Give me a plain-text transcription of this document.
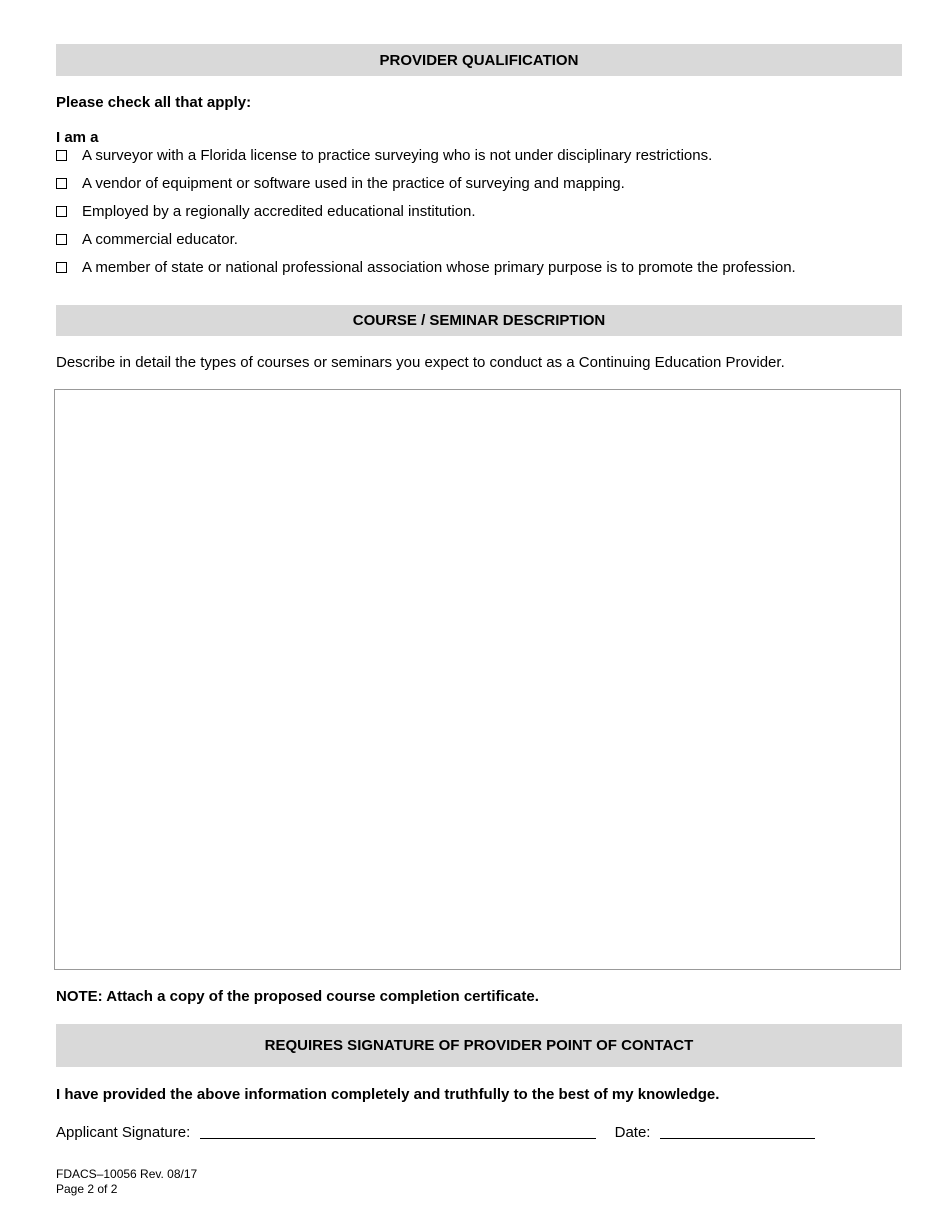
PROVIDER QUALIFICATION
Please check all that apply:
I am a
A surveyor with a Florida license to practice surveying who is not under disciplinary restrictions.
A vendor of equipment or software used in the practice of surveying and mapping.
Employed by a regionally accredited educational institution.
A commercial educator.
A member of state or national professional association whose primary purpose is to promote the profession.
COURSE / SEMINAR DESCRIPTION
Describe in detail the types of courses or seminars you expect to conduct as a Continuing Education Provider.
NOTE: Attach a copy of the proposed course completion certificate.
REQUIRES SIGNATURE OF PROVIDER POINT OF CONTACT
I have provided the above information completely and truthfully to the best of my knowledge.
Applicant Signature:	Date:
FDACS–10056 Rev. 08/17
Page 2 of 2
